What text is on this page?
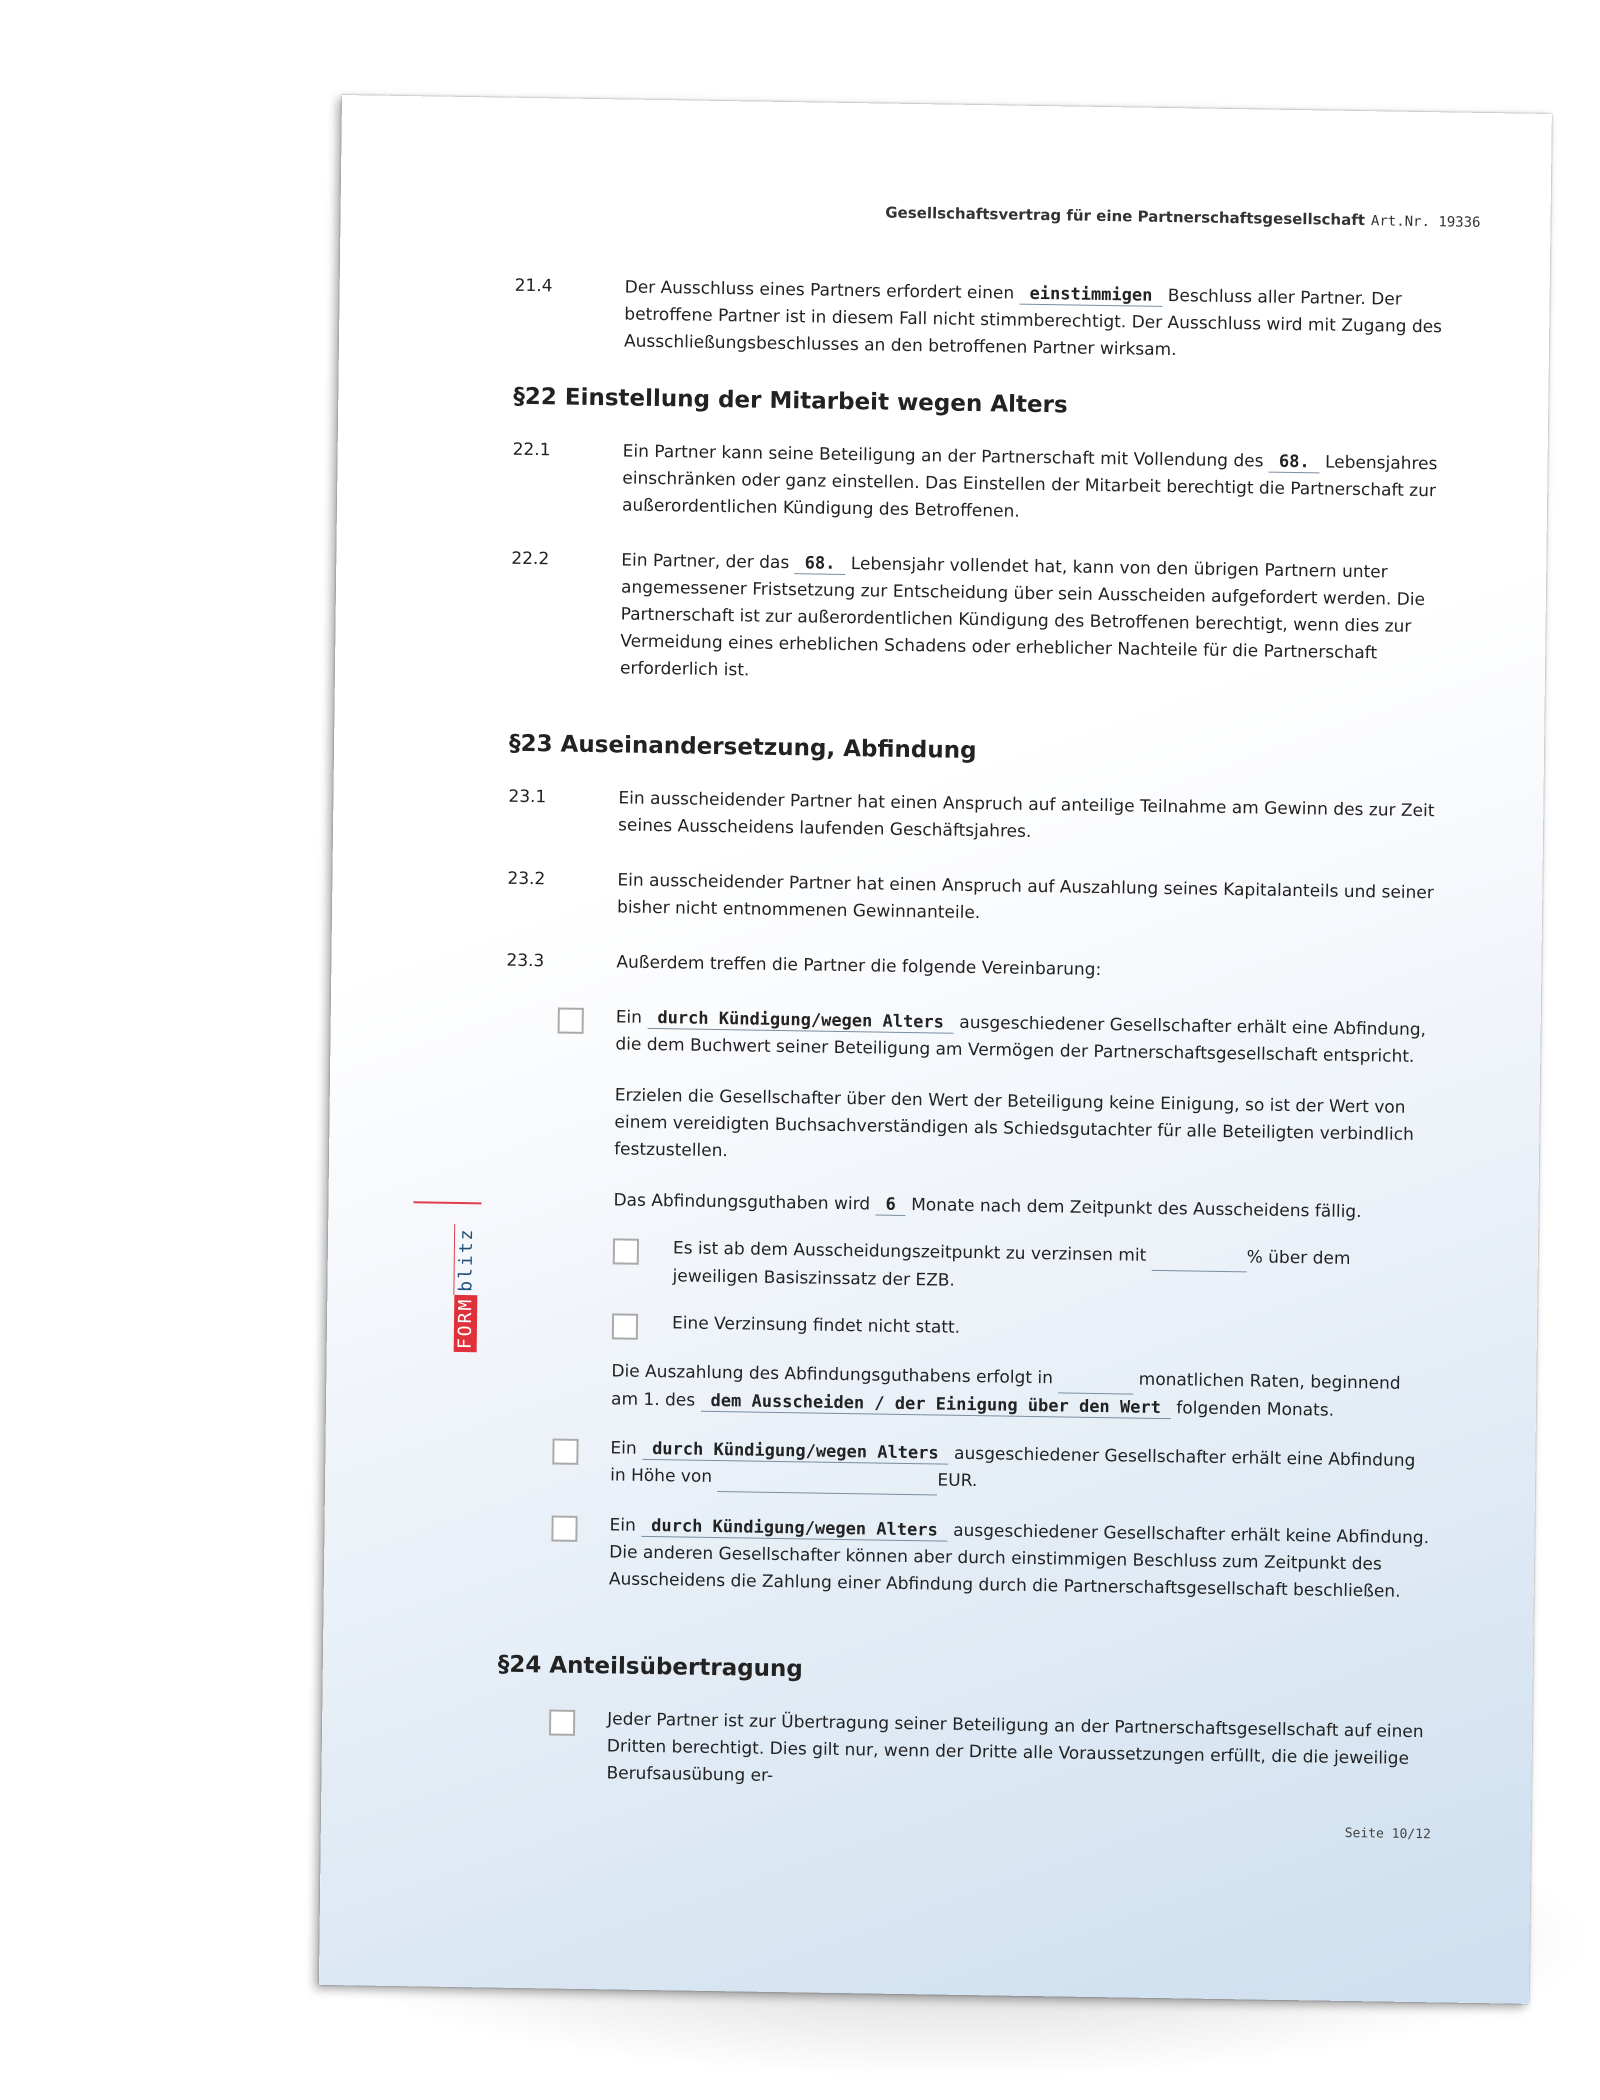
Gesellschaftsvertrag für eine Partnerschaftsgesellschaft Art.Nr. 19336
FORMblitz
21.4	Der Ausschluss eines Partners erfordert einen einstimmigen Beschluss aller Partner. Der betroffene Partner ist in diesem Fall nicht stimmberechtigt. Der Ausschluss wird mit Zugang des Ausschließungsbeschlusses an den betroffenen Partner wirksam.
§22 Einstellung der Mitarbeit wegen Alters
22.1	Ein Partner kann seine Beteiligung an der Partnerschaft mit Vollendung des 68. Lebensjahres einschränken oder ganz einstellen. Das Einstellen der Mitarbeit berechtigt die Partnerschaft zur außerordentlichen Kündigung des Betroffenen.
22.2	Ein Partner, der das 68. Lebensjahr vollendet hat, kann von den übrigen Partnern unter angemessener Fristsetzung zur Entscheidung über sein Ausscheiden aufgefordert werden. Die Partnerschaft ist zur außerordentlichen Kündigung des Betroffenen berechtigt, wenn dies zur Vermeidung eines erheblichen Schadens oder erheblicher Nachteile für die Partnerschaft erforderlich ist.
§23 Auseinandersetzung, Abfindung
23.1	Ein ausscheidender Partner hat einen Anspruch auf anteilige Teilnahme am Gewinn des zur Zeit seines Ausscheidens laufenden Geschäftsjahres.
23.2	Ein ausscheidender Partner hat einen Anspruch auf Auszahlung seines Kapitalanteils und seiner bisher nicht entnommenen Gewinnanteile.
23.3	Außerdem treffen die Partner die folgende Vereinbarung:
Ein durch Kündigung/wegen Alters ausgeschiedener Gesellschafter erhält eine Abfindung, die dem Buchwert seiner Beteiligung am Vermögen der Partnerschaftsgesellschaft entspricht.
Erzielen die Gesellschafter über den Wert der Beteiligung keine Einigung, so ist der Wert von einem vereidigten Buchsachverständigen als Schiedsgutachter für alle Beteiligten verbindlich festzustellen.
Das Abfindungsguthaben wird 6 Monate nach dem Zeitpunkt des Ausscheidens fällig.
Es ist ab dem Ausscheidungszeitpunkt zu verzinsen mit	% über dem jeweiligen Basiszinssatz der EZB.
Eine Verzinsung findet nicht statt.
Die Auszahlung des Abfindungsguthabens erfolgt in	monatlichen Raten, beginnend am 1. des dem Ausscheiden / der Einigung über den Wert folgenden Monats.
Ein durch Kündigung/wegen Alters ausgeschiedener Gesellschafter erhält eine Abfindung in Höhe von	EUR.
Ein durch Kündigung/wegen Alters ausgeschiedener Gesellschafter erhält keine Abfindung. Die anderen Gesellschafter können aber durch einstimmigen Beschluss zum Zeitpunkt des Ausscheidens die Zahlung einer Abfindung durch die Partnerschaftsgesellschaft beschließen.
§24 Anteilsübertragung
Jeder Partner ist zur Übertragung seiner Beteiligung an der Partnerschaftsgesellschaft auf einen Dritten berechtigt. Dies gilt nur, wenn der Dritte alle Voraussetzungen erfüllt, die die jeweilige Berufsausübung er-
Seite 10/12
